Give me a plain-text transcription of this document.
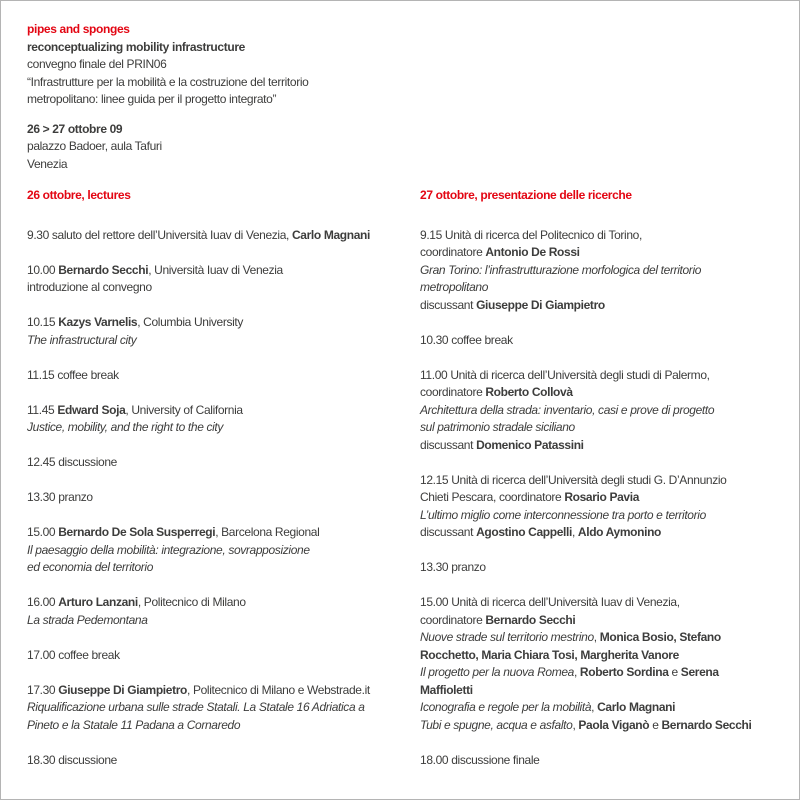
pipes and sponges
reconceptualizing mobility infrastructure
convegno finale del PRIN06
“Infrastrutture per la mobilità e la costruzione del territorio
metropolitano: linee guida per il progetto integrato”
26 > 27 ottobre 09
palazzo Badoer, aula Tafuri
Venezia
26 ottobre, lectures
9.30 saluto del rettore dell’Università Iuav di Venezia, Carlo Magnani
10.00 Bernardo Secchi, Università Iuav di Venezia
introduzione al convegno
10.15 Kazys Varnelis, Columbia University
The infrastructural city
11.15 coffee break
11.45 Edward Soja, University of California
Justice, mobility, and the right to the city
12.45 discussione
13.30 pranzo
15.00 Bernardo De Sola Susperregi, Barcelona Regional
Il paesaggio della mobilità: integrazione, sovrapposizione
ed economia del territorio
16.00 Arturo Lanzani, Politecnico di Milano
La strada Pedemontana
17.00 coffee break
17.30 Giuseppe Di Giampietro, Politecnico di Milano e Webstrade.it
Riqualificazione urbana sulle strade Statali. La Statale 16 Adriatica a
Pineto e la Statale 11 Padana a Cornaredo
18.30 discussione
27 ottobre, presentazione delle ricerche
9.15 Unità di ricerca del Politecnico di Torino,
coordinatore Antonio De Rossi
Gran Torino: l’infrastrutturazione morfologica del territorio
metropolitano
discussant Giuseppe Di Giampietro
10.30 coffee break
11.00 Unità di ricerca dell’Università degli studi di Palermo,
coordinatore Roberto Collovà
Architettura della strada: inventario, casi e prove di progetto
sul patrimonio stradale siciliano
discussant Domenico Patassini
12.15 Unità di ricerca dell’Università degli studi G. D’Annunzio
Chieti Pescara, coordinatore Rosario Pavia
L’ultimo miglio come interconnessione tra porto e territorio
discussant Agostino Cappelli, Aldo Aymonino
13.30 pranzo
15.00 Unità di ricerca dell’Università Iuav di Venezia,
coordinatore Bernardo Secchi
Nuove strade sul territorio mestrino, Monica Bosio, Stefano
Rocchetto, Maria Chiara Tosi, Margherita Vanore
Il progetto per la nuova Romea, Roberto Sordina e Serena
Maffioletti
Iconografia e regole per la mobilità, Carlo Magnani
Tubi e spugne, acqua e asfalto, Paola Viganò e Bernardo Secchi
18.00 discussione finale
